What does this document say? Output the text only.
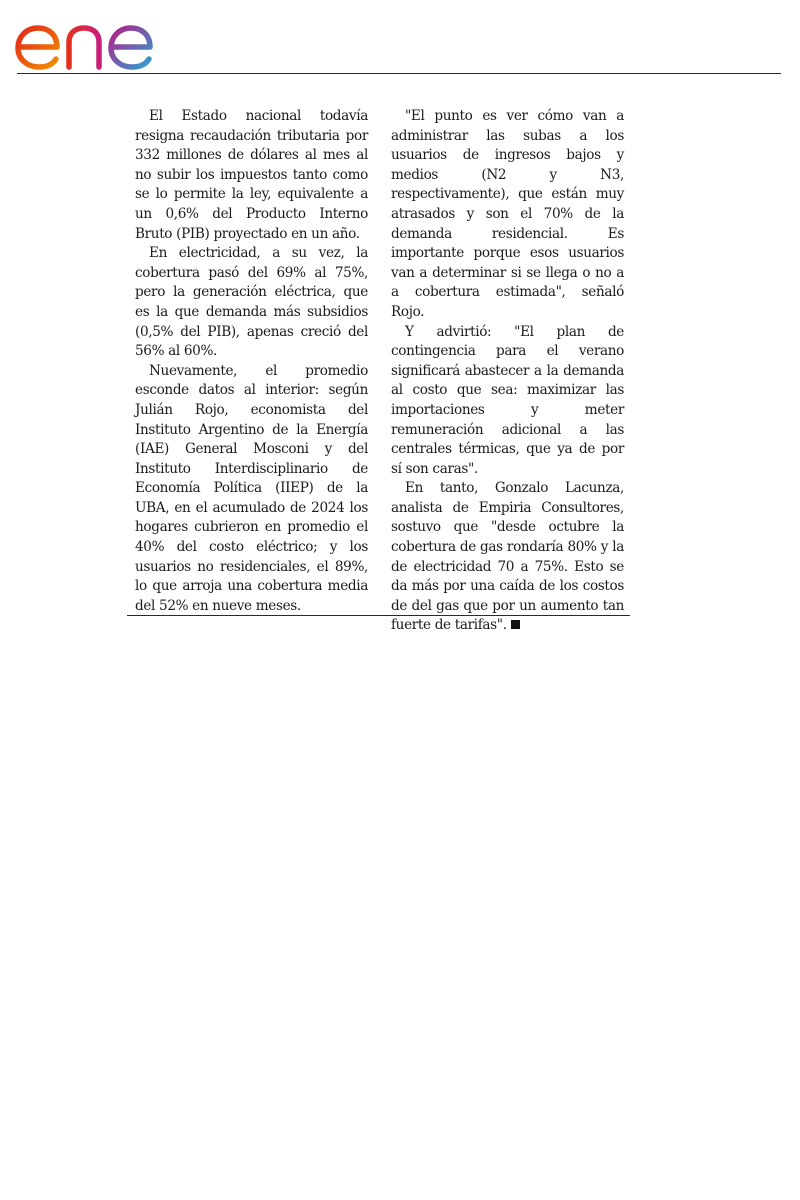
El Estado nacional todavía resigna recaudación tributaria por 332 millones de dólares al mes al no subir los impuestos tanto como se lo permite la ley, equivalente a un 0,6% del Producto Interno Bruto (PIB) proyectado en un año.

En electricidad, a su vez, la cobertura pasó del 69% al 75%, pero la generación eléctrica, que es la que demanda más subsidios (0,5% del PIB), apenas creció del 56% al 60%.

Nuevamente, el promedio esconde datos al interior: según Julián Rojo, economista del Instituto Argentino de la Energía (IAE) General Mosconi y del Instituto Interdisciplinario de Economía Política (IIEP) de la UBA, en el acumulado de 2024 los hogares cubrieron en promedio el 40% del costo eléctrico; y los usuarios no residenciales, el 89%, lo que arroja una cobertura media del 52% en nueve meses.

"El punto es ver cómo van a administrar las subas a los usuarios de ingresos bajos y medios (N2 y N3, respectivamente), que están muy atrasados y son el 70% de la demanda residencial. Es importante porque esos usuarios van a determinar si se llega o no a a cobertura estimada", señaló Rojo.

Y advirtió: "El plan de contingencia para el verano significará abastecer a la demanda al costo que sea: maximizar las importaciones y meter remuneración adicional a las centrales térmicas, que ya de por sí son caras".

En tanto, Gonzalo Lacunza, analista de Empiria Consultores, sostuvo que "desde octubre la cobertura de gas rondaría 80% y la de electricidad 70 a 75%. Esto se da más por una caída de los costos de del gas que por un aumento tan fuerte de tarifas".
